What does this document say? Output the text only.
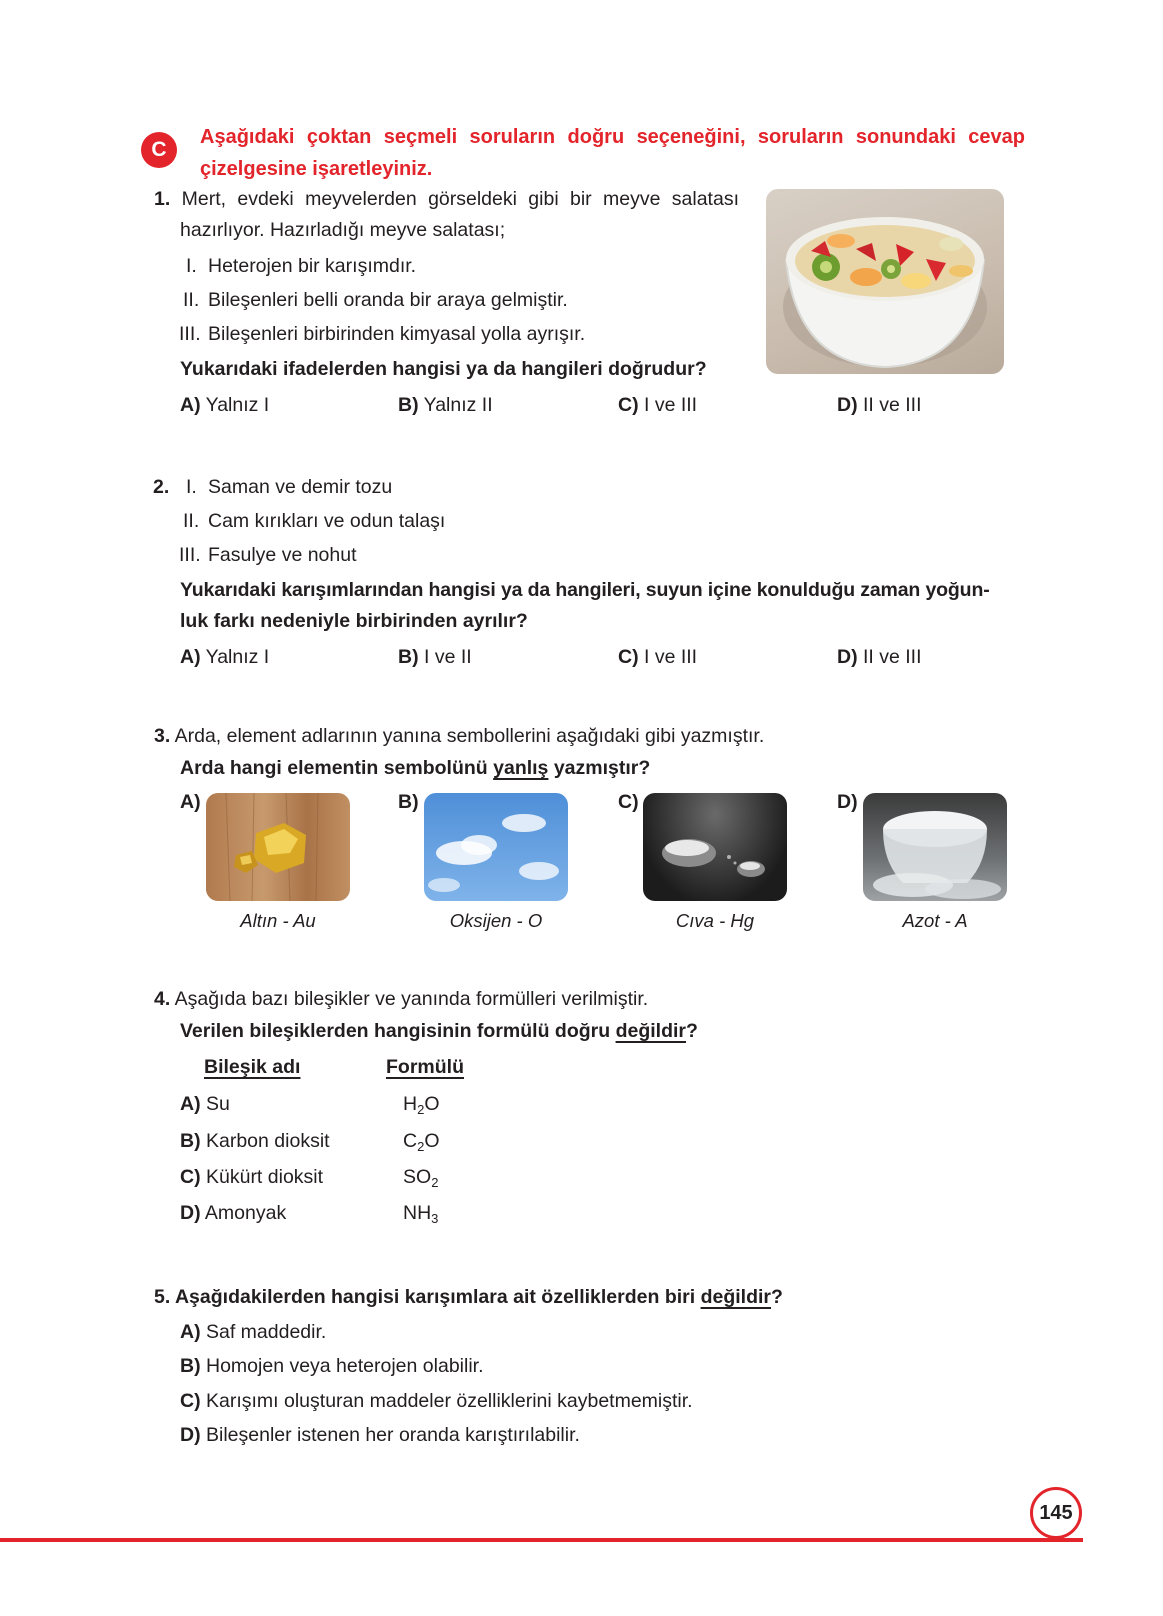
C
Aşağıdaki çoktan seçmeli soruların doğru seçeneğini, soruların sonundaki cevap çizelgesine işaretleyiniz.
1. Mert, evdeki meyvelerden görseldeki gibi bir meyve salatası
hazırlıyor. Hazırladığı meyve salatası;
I. Heterojen bir karışımdır.
II. Bileşenleri belli oranda bir araya gelmiştir.
III. Bileşenleri birbirinden kimyasal yolla ayrışır.
Yukarıdaki ifadelerden hangisi ya da hangileri doğrudur?
A) Yalnız I	B) Yalnız II	C) I ve III	D) II ve III
2. I. Saman ve demir tozu
II. Cam kırıkları ve odun talaşı
III. Fasulye ve nohut
Yukarıdaki karışımlarından hangisi ya da hangileri, suyun içine konulduğu zaman yoğun-
luk farkı nedeniyle birbirinden ayrılır?
A) Yalnız I	B) I ve II	C) I ve III	D) II ve III
3. Arda, element adlarının yanına sembollerini aşağıdaki gibi yazmıştır.
Arda hangi elementin sembolünü yanlış yazmıştır?
A)	B)	C)	D)
Altın - Au	Oksijen - O	Cıva - Hg	Azot - A
4. Aşağıda bazı bileşikler ve yanında formülleri verilmiştir.
Verilen bileşiklerden hangisinin formülü doğru değildir?
Bileşik adı	Formülü
A) Su	$H_2O$
B) Karbon dioksit	$C_2O$
C) Kükürt dioksit	$SO_2$
D) Amonyak	$NH_3$
5. Aşağıdakilerden hangisi karışımlara ait özelliklerden biri değildir?
A) Saf maddedir.
B) Homojen veya heterojen olabilir.
C) Karışımı oluşturan maddeler özelliklerini kaybetmemiştir.
D) Bileşenler istenen her oranda karıştırılabilir.
145
